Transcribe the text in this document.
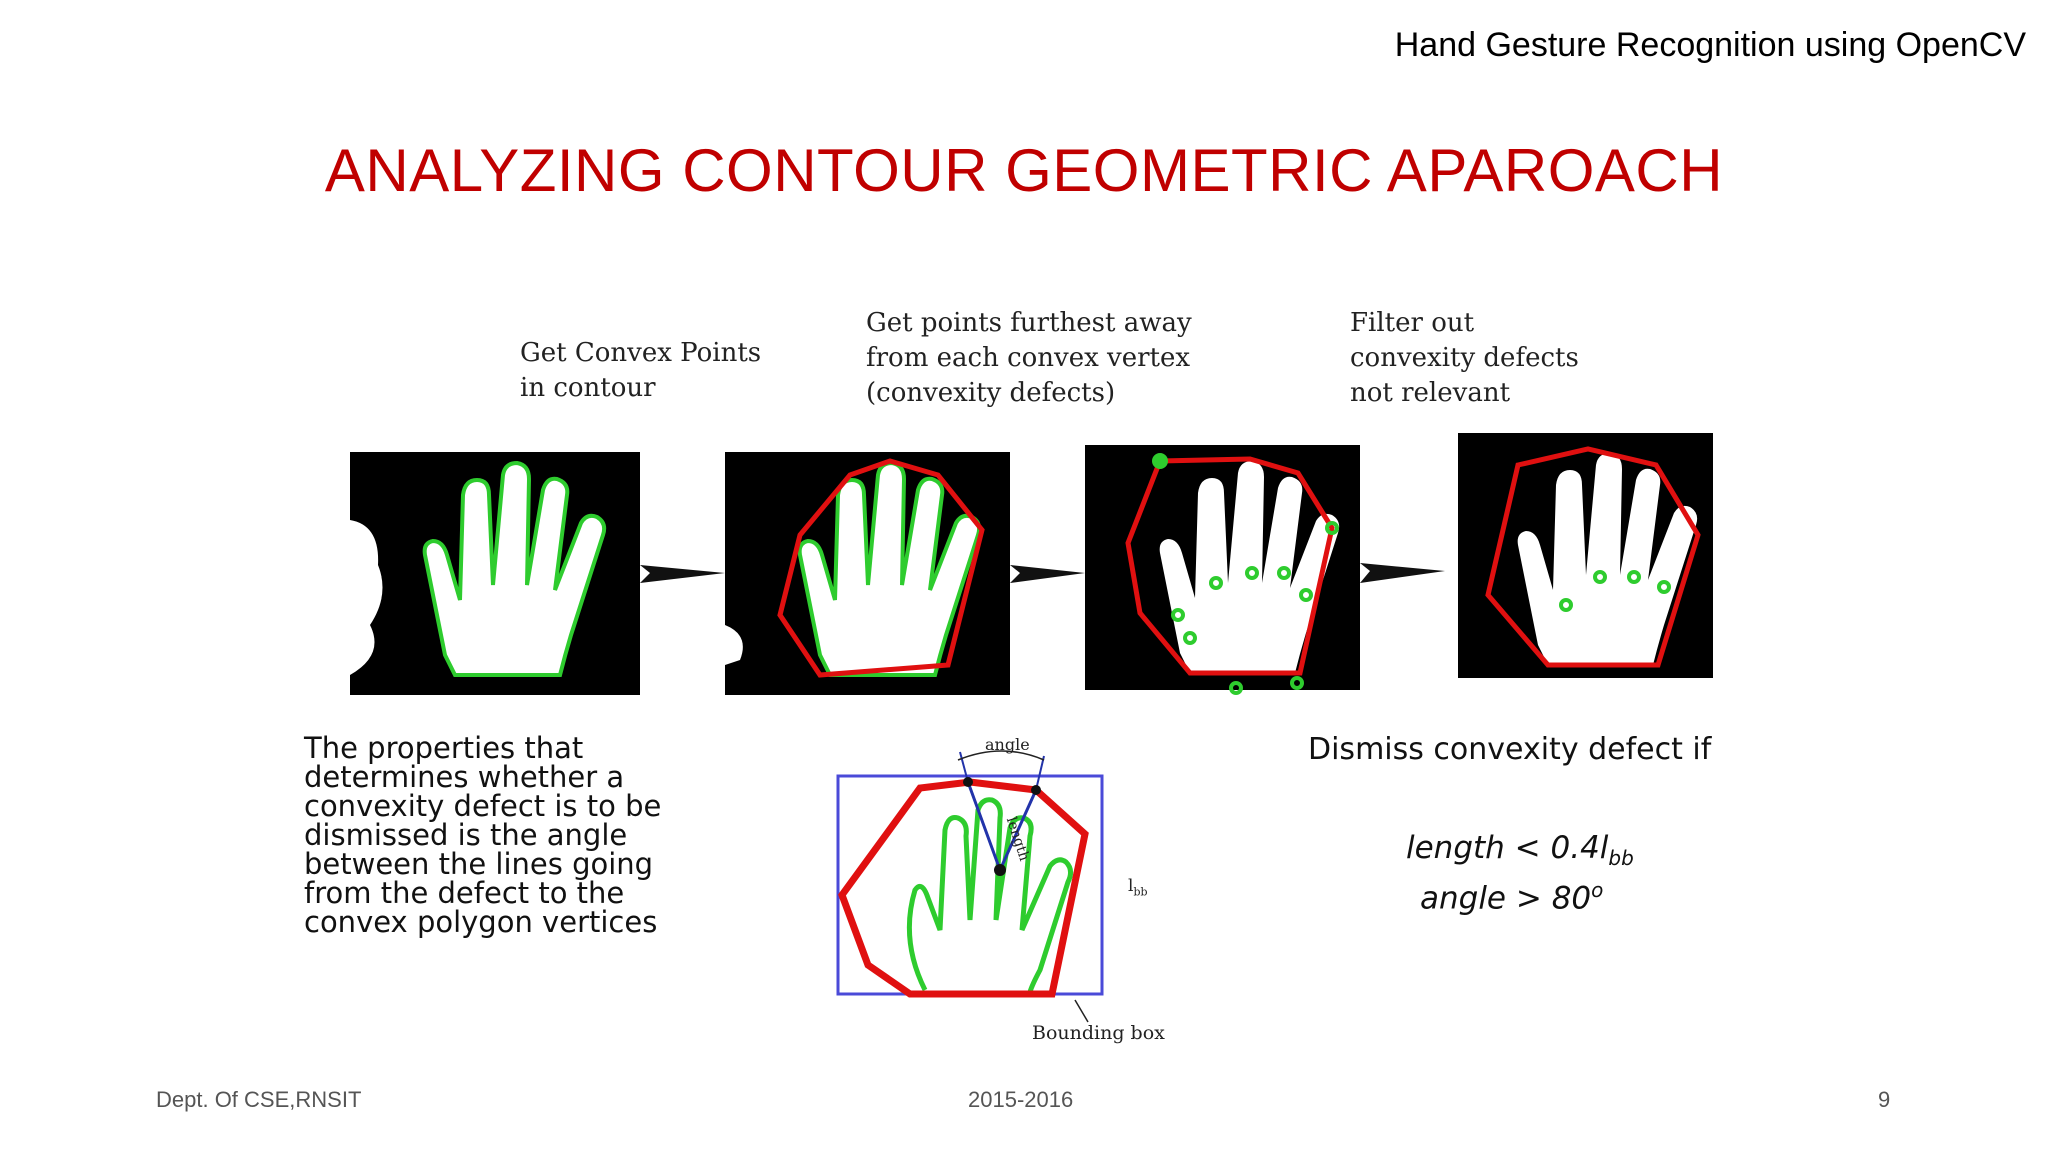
Hand Gesture Recognition using OpenCV
ANALYZING CONTOUR GEOMETRIC APAROACH
Get Convex Points
in contour
Get points furthest away
from each convex vertex
(convexity defects)
Filter out
convexity defects
not relevant
The properties that
determines whether a
convexity defect is to be
dismissed is the angle
between the lines going
from the defect to the
convex polygon vertices
angle
length
$l_{bb}$
Bounding box
Dismiss convexity defect if
length < $0.4l_{bb}$
angle > $80^o$
Dept. Of CSE,RNSIT	2015-2016	9
